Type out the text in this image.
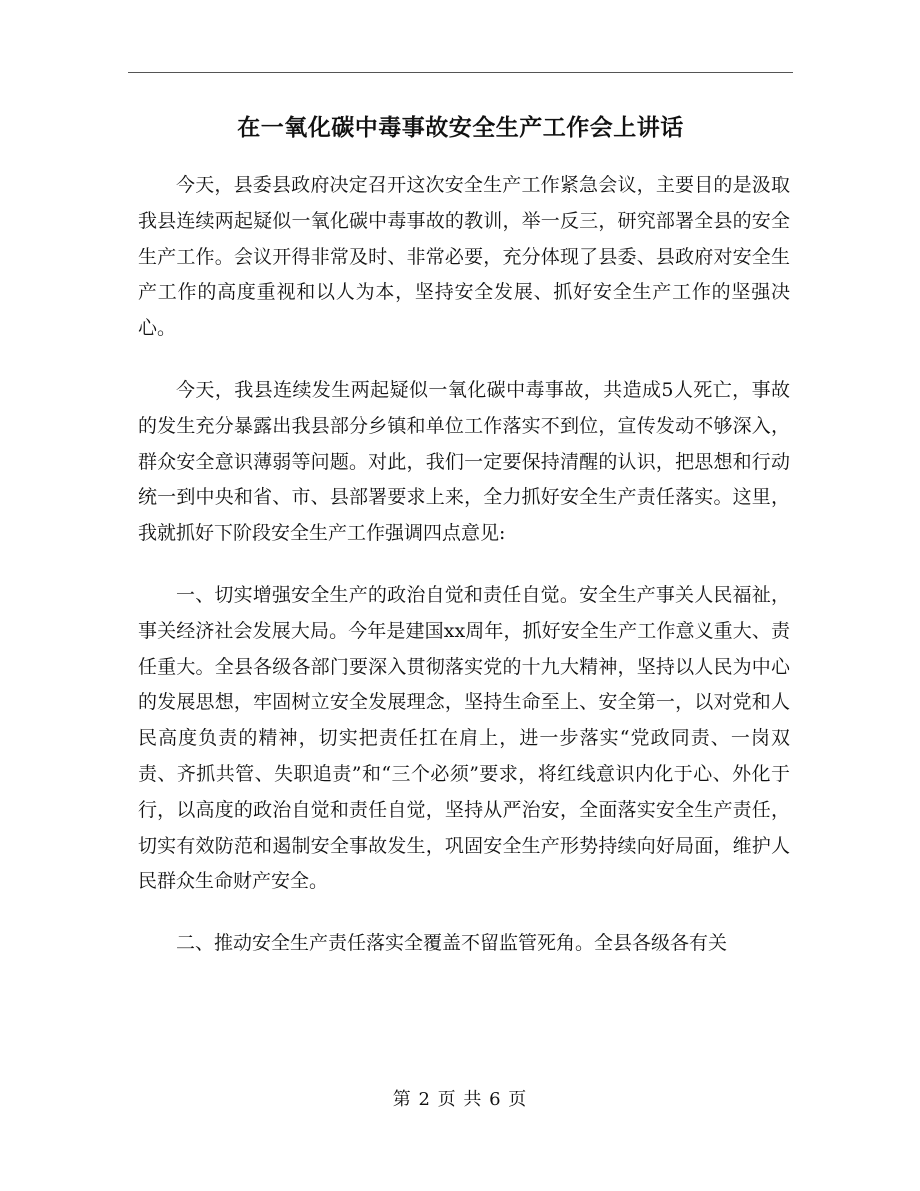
在一氧化碳中毒事故安全生产工作会上讲话

今天，县委县政府决定召开这次安全生产工作紧急会议，主要目的是汲取我县连续两起疑似一氧化碳中毒事故的教训，举一反三，研究部署全县的安全生产工作。会议开得非常及时、非常必要，充分体现了县委、县政府对安全生产工作的高度重视和以人为本，坚持安全发展、抓好安全生产工作的坚强决心。

今天，我县连续发生两起疑似一氧化碳中毒事故，共造成5人死亡，事故的发生充分暴露出我县部分乡镇和单位工作落实不到位，宣传发动不够深入，群众安全意识薄弱等问题。对此，我们一定要保持清醒的认识，把思想和行动统一到中央和省、市、县部署要求上来，全力抓好安全生产责任落实。这里，我就抓好下阶段安全生产工作强调四点意见:

一、切实增强安全生产的政治自觉和责任自觉。安全生产事关人民福祉，事关经济社会发展大局。今年是建国xx周年，抓好安全生产工作意义重大、责任重大。全县各级各部门要深入贯彻落实党的十九大精神，坚持以人民为中心的发展思想，牢固树立安全发展理念，坚持生命至上、安全第一，以对党和人民高度负责的精神，切实把责任扛在肩上，进一步落实“党政同责、一岗双责、齐抓共管、失职追责”和“三个必须”要求，将红线意识内化于心、外化于行，以高度的政治自觉和责任自觉，坚持从严治安，全面落实安全生产责任，切实有效防范和遏制安全事故发生，巩固安全生产形势持续向好局面，维护人民群众生命财产安全。

二、推动安全生产责任落实全覆盖不留监管死角。全县各级各有关

第 2 页 共 6 页
